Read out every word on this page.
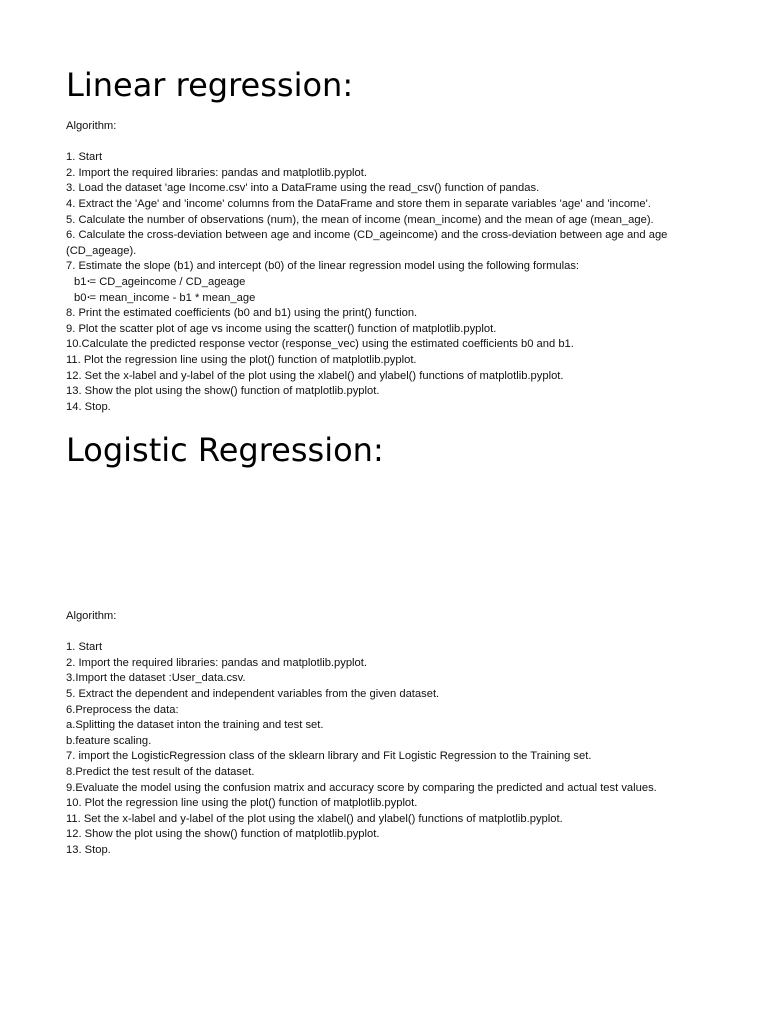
Linear regression:

Algorithm:

1. Start
2. Import the required libraries: pandas and matplotlib.pyplot.
3. Load the dataset 'age Income.csv' into a DataFrame using the read_csv() function of pandas.
4. Extract the 'Age' and 'income' columns from the DataFrame and store them in separate variables 'age' and 'income'.
5. Calculate the number of observations (num), the mean of income (mean_income) and the mean of age (mean_age).
6. Calculate the cross-deviation between age and income (CD_ageincome) and the cross-deviation between age and age (CD_ageage).
7. Estimate the slope (b1) and intercept (b0) of the linear regression model using the following formulas:
· b1 = CD_ageincome / CD_ageage
· b0 = mean_income - b1 * mean_age
8. Print the estimated coefficients (b0 and b1) using the print() function.
9. Plot the scatter plot of age vs income using the scatter() function of matplotlib.pyplot.
10.Calculate the predicted response vector (response_vec) using the estimated coefficients b0 and b1.
11. Plot the regression line using the plot() function of matplotlib.pyplot.
12. Set the x-label and y-label of the plot using the xlabel() and ylabel() functions of matplotlib.pyplot.
13. Show the plot using the show() function of matplotlib.pyplot.
14. Stop.
Logistic Regression:

Algorithm:

1. Start
2. Import the required libraries: pandas and matplotlib.pyplot.
3.Import the dataset :User_data.csv.
5. Extract the dependent and independent variables from the given dataset.
6.Preprocess the data:
a.Splitting the dataset inton the training and test set.
b.feature scaling.
7. import the LogisticRegression class of the sklearn library and Fit Logistic Regression to the Training set.
8.Predict the test result of the dataset.
9.Evaluate the model using the confusion matrix and accuracy score by comparing the predicted and actual test values.
10. Plot the regression line using the plot() function of matplotlib.pyplot.
11. Set the x-label and y-label of the plot using the xlabel() and ylabel() functions of matplotlib.pyplot.
12. Show the plot using the show() function of matplotlib.pyplot.
13. Stop.
